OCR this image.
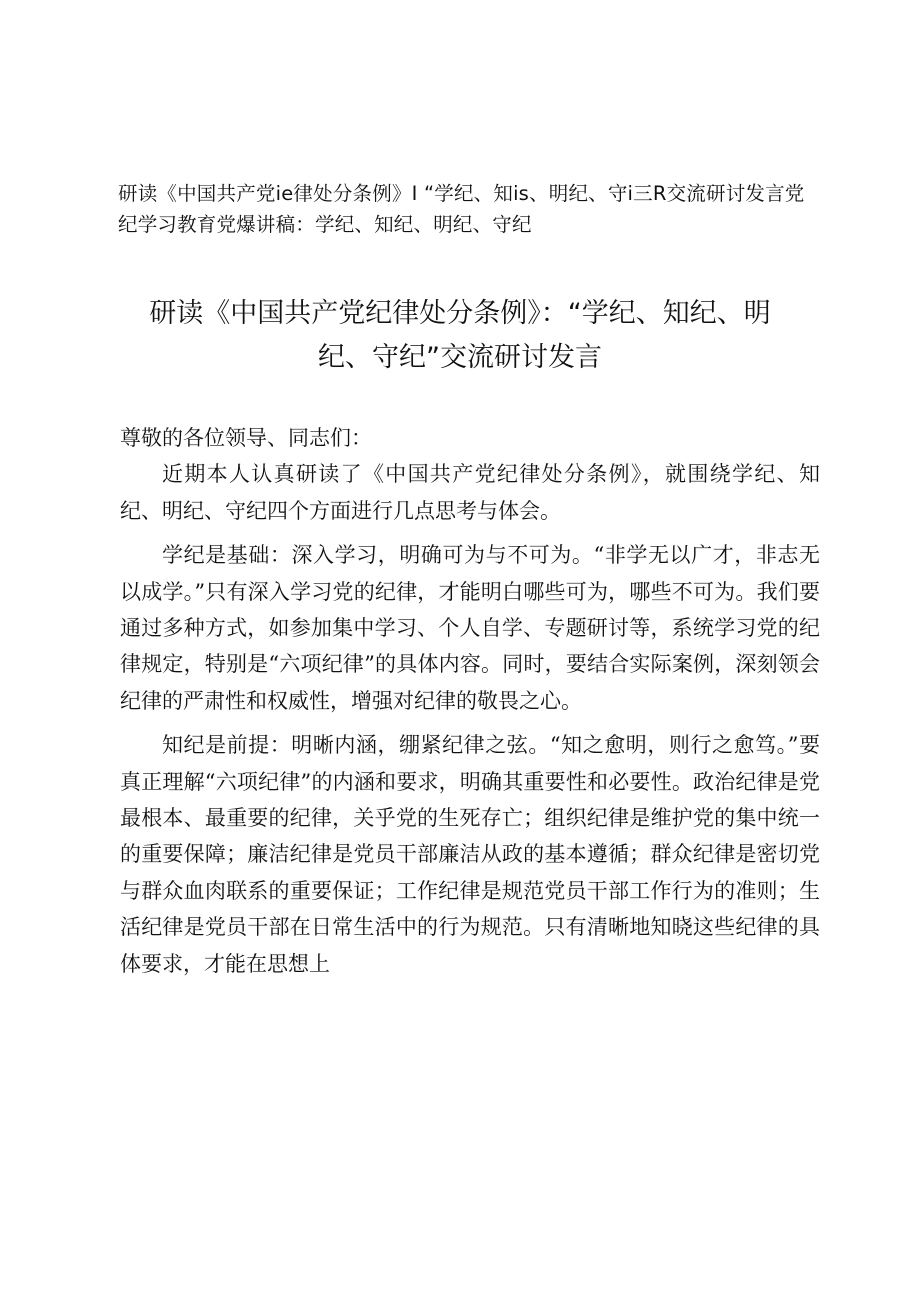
研读《中国共产党ie律处分条例》I “学纪、知is、明纪、守i三R交流研讨发言党纪学习教育党爆讲稿：学纪、知纪、明纪、守纪
研读《中国共产党纪律处分条例》：“学纪、知纪、明
纪、守纪”交流研讨发言

尊敬的各位领导、同志们：

近期本人认真研读了《中国共产党纪律处分条例》，就围绕学纪、知纪、明纪、守纪四个方面进行几点思考与体会。

学纪是基础：深入学习，明确可为与不可为。“非学无以广才，非志无以成学。”只有深入学习党的纪律，才能明白哪些可为，哪些不可为。我们要通过多种方式，如参加集中学习、个人自学、专题研讨等，系统学习党的纪律规定，特别是“六项纪律”的具体内容。同时，要结合实际案例，深刻领会纪律的严肃性和权威性，增强对纪律的敬畏之心。

知纪是前提：明晰内涵，绷紧纪律之弦。“知之愈明，则行之愈笃。”要真正理解“六项纪律”的内涵和要求，明确其重要性和必要性。政治纪律是党最根本、最重要的纪律，关乎党的生死存亡；组织纪律是维护党的集中统一的重要保障；廉洁纪律是党员干部廉洁从政的基本遵循；群众纪律是密切党与群众血肉联系的重要保证；工作纪律是规范党员干部工作行为的准则；生活纪律是党员干部在日常生活中的行为规范。只有清晰地知晓这些纪律的具体要求，才能在思想上
